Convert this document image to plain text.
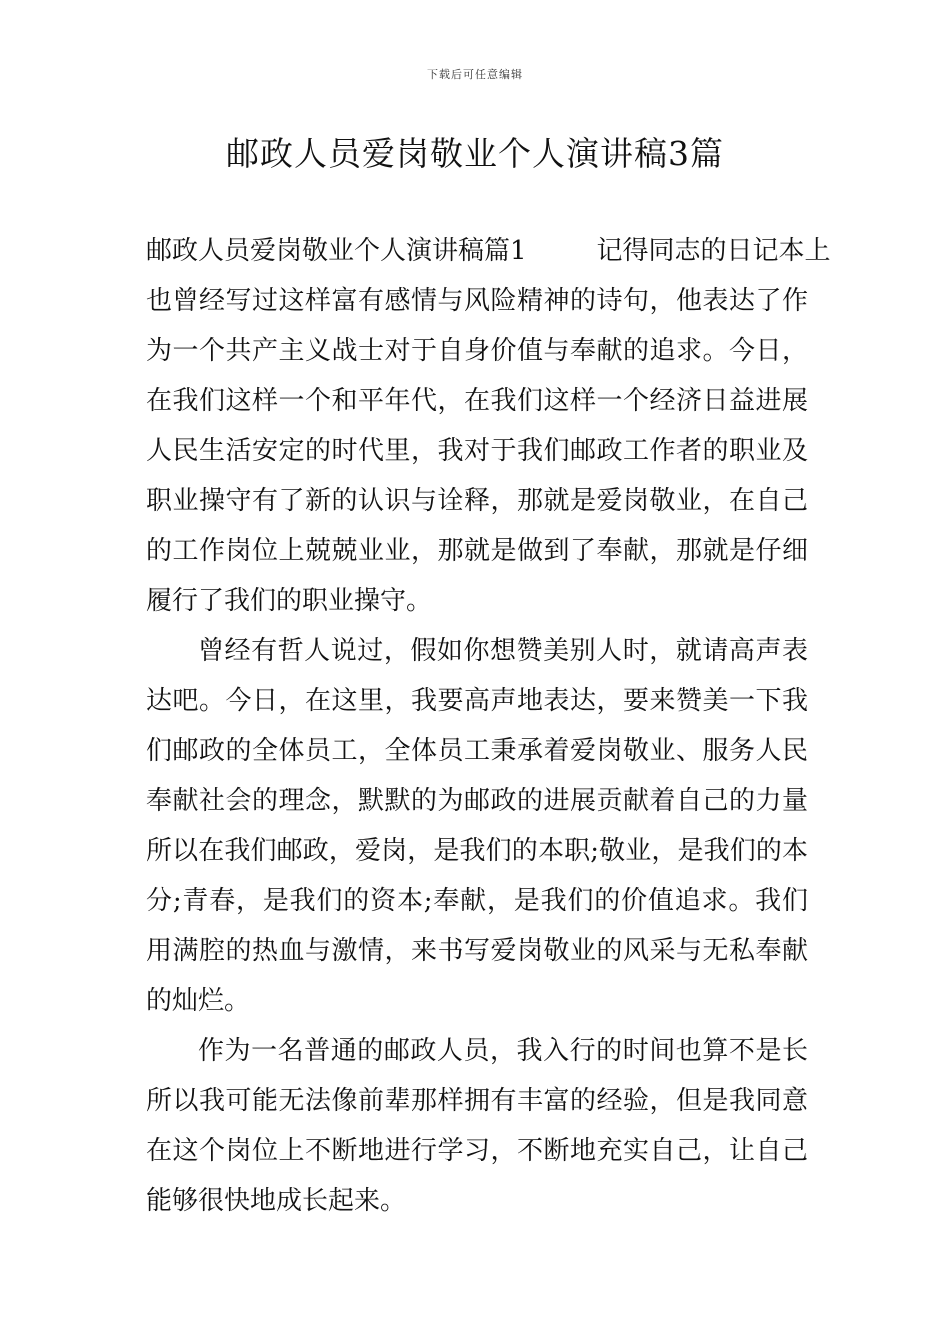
下载后可任意编辑
邮政人员爱岗敬业个人演讲稿3篇

邮政人员爱岗敬业个人演讲稿篇1	记得同志的日记本上
也曾经写过这样富有感情与风险精神的诗句，他表达了作
为一个共产主义战士对于自身价值与奉献的追求。今日，
在我们这样一个和平年代，在我们这样一个经济日益进展
人民生活安定的时代里，我对于我们邮政工作者的职业及
职业操守有了新的认识与诠释，那就是爱岗敬业，在自己
的工作岗位上兢兢业业，那就是做到了奉献，那就是仔细
履行了我们的职业操守。

曾经有哲人说过，假如你想赞美别人时，就请高声表
达吧。今日，在这里，我要高声地表达，要来赞美一下我
们邮政的全体员工，全体员工秉承着爱岗敬业、服务人民
奉献社会的理念，默默的为邮政的进展贡献着自己的力量
所以在我们邮政，爱岗，是我们的本职;敬业，是我们的本
分;青春，是我们的资本;奉献，是我们的价值追求。我们
用满腔的热血与激情，来书写爱岗敬业的风采与无私奉献
的灿烂。

作为一名普通的邮政人员，我入行的时间也算不是长
所以我可能无法像前辈那样拥有丰富的经验，但是我同意
在这个岗位上不断地进行学习，不断地充实自己，让自己
能够很快地成长起来。
